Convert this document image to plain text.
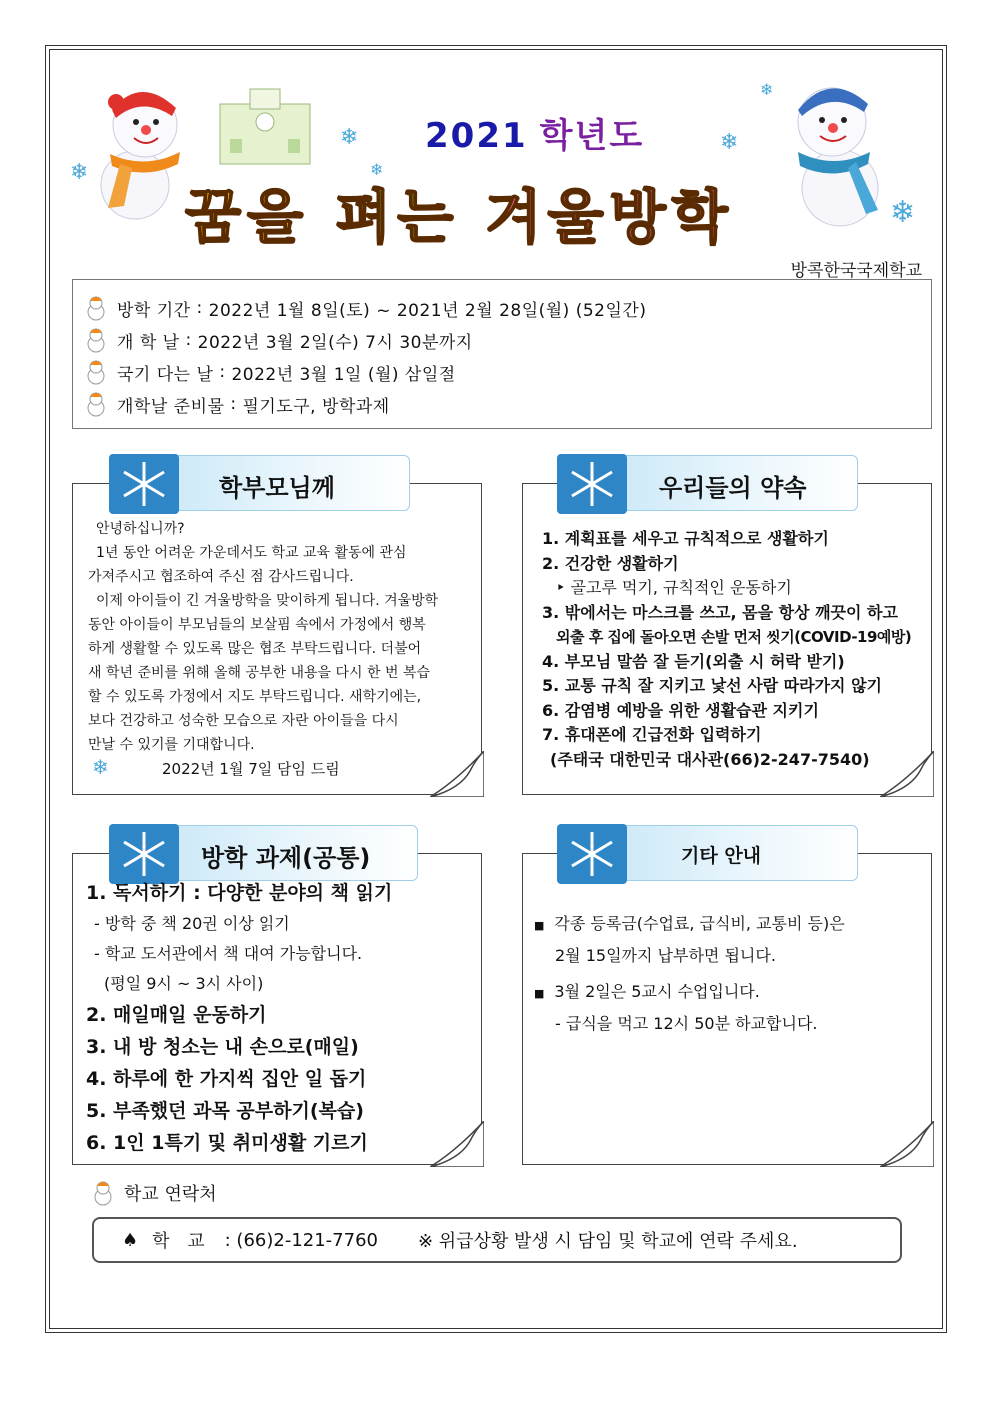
❄
❄
❄
❄
❄
❄
2021 학년도
꿈을 펴는 겨울방학
방콕한국국제학교
방학 기간 : 2022년 1월 8일(토) ~ 2021년 2월 28일(월) (52일간)
개 학 날 : 2022년 3월 2일(수) 7시 30분까지
국기 다는 날 : 2022년 3월 1일 (월) 삼일절
개학날 준비물 : 필기도구, 방학과제
학부모님께
안녕하십니까?
1년 동안 어려운 가운데서도 학교 교육 활동에 관심
가져주시고 협조하여 주신 점 감사드립니다.
이제 아이들이 긴 겨울방학을 맞이하게 됩니다. 겨울방학
동안 아이들이 부모님들의 보살핌 속에서 가정에서 행복
하게 생활할 수 있도록 많은 협조 부탁드립니다. 더불어
새 학년 준비를 위해 올해 공부한 내용을 다시 한 번 복습
할 수 있도록 가정에서 지도 부탁드립니다. 새학기에는,
보다 건강하고 성숙한 모습으로 자란 아이들을 다시
만날 수 있기를 기대합니다.
❄	2022년 1월 7일 담임 드림
우리들의 약속
1. 계획표를 세우고 규칙적으로 생활하기
2. 건강한 생활하기
‣ 골고루 먹기, 규칙적인 운동하기
3. 밖에서는 마스크를 쓰고, 몸을 항상 깨끗이 하고
외출 후 집에 돌아오면 손발 먼저 씻기(COVID-19예방)
4. 부모님 말씀 잘 듣기(외출 시 허락 받기)
5. 교통 규칙 잘 지키고 낯선 사람 따라가지 않기
6. 감염병 예방을 위한 생활습관 지키기
7. 휴대폰에 긴급전화 입력하기
(주태국 대한민국 대사관(66)2-247-7540)
방학 과제(공통)
1. 독서하기 : 다양한 분야의 책 읽기
- 방학 중 책 20권 이상 읽기
- 학교 도서관에서 책 대여 가능합니다.
(평일 9시 ~ 3시 사이)
2. 매일매일 운동하기
3. 내 방 청소는 내 손으로(매일)
4. 하루에 한 가지씩 집안 일 돕기
5. 부족했던 과목 공부하기(복습)
6. 1인 1특기 및 취미생활 기르기
기타 안내
■ 각종 등록금(수업료, 급식비, 교통비 등)은
2월 15일까지 납부하면 됩니다.
■ 3월 2일은 5교시 수업입니다.
- 급식을 먹고 12시 50분 하교합니다.
학교 연락처
♠ 학 교 : (66)2-121-7760 ※ 위급상황 발생 시 담임 및 학교에 연락 주세요.
